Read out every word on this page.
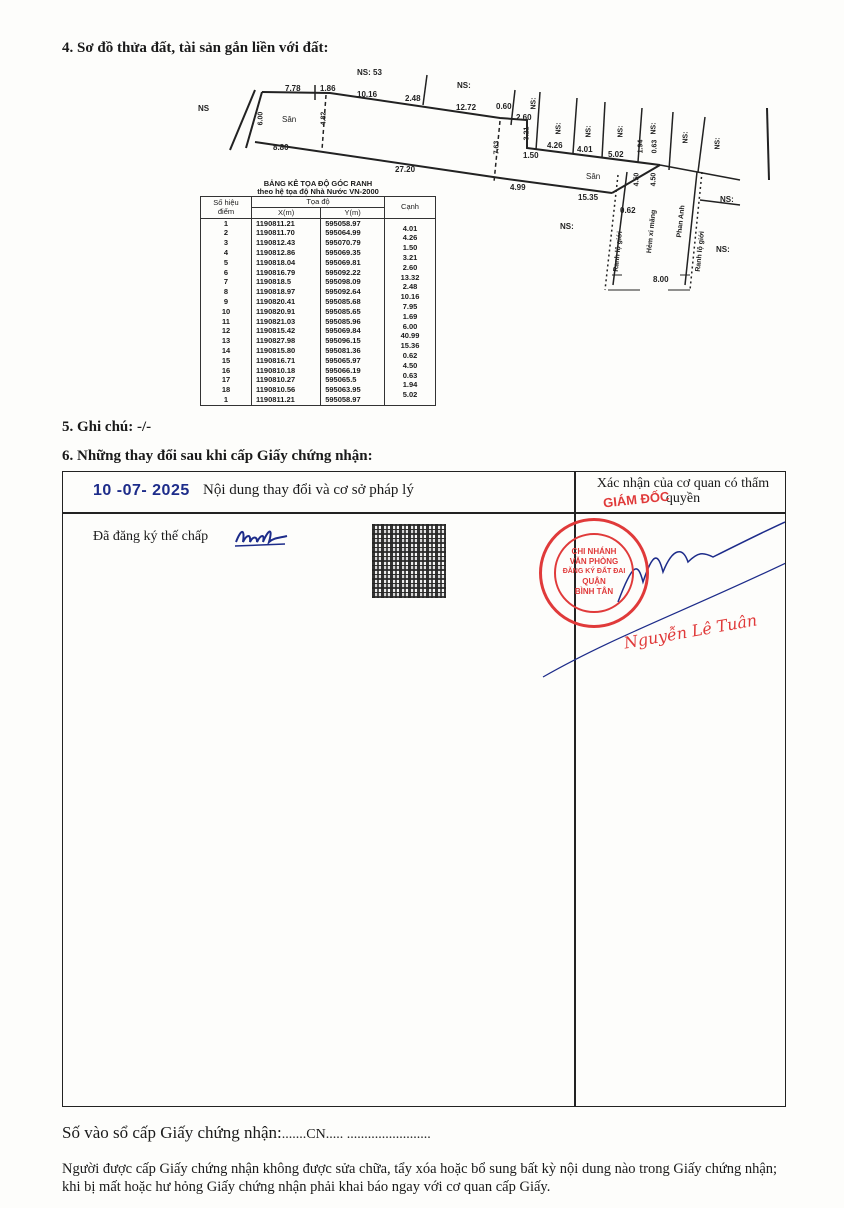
4. Sơ đồ thửa đất, tài sản gắn liền với đất:
NS: 53
NS:
NS
NS:
NS:
NS:
NS:
NS:	NS:	NS:	NS:
NS:	NS:
Sân
Sân
Hẻm xi măng	Phan Anh
Ranh lộ giới	Ranh lộ giới
7.78 1.86
10.16	2.48
12.72 0.60
2.60
6.00	4.82
8.80
27.20
4.99
15.35
0.62
7.63
3.21
1.50
4.26 4.01
5.02
1.94 0.63
4.50 4.50
8.00
BẢNG KÊ TỌA ĐỘ GÓC RANH
theo hệ tọa độ Nhà Nước VN-2000
Số hiệu điểm	Tọa độ		Cạnh
	X(m)	Y(m)	
1	1190811.21	595058.97	4.01
2	1190811.70	595064.99	4.26
3	1190812.43	595070.79	1.50
4	1190812.86	595069.35	3.21
5	1190818.04	595069.81	2.60
6	1190816.79	595092.22	13.32
7	1190818.5	595098.09	2.48
8	1190818.97	595092.64	10.16
9	1190820.41	595085.68	7.95
10	1190820.91	595085.65	1.69
11	1190821.03	595085.96	6.00
12	1190815.42	595069.84	40.99
13	1190827.98	595096.15	15.36
14	1190815.80	595081.36	0.62
15	1190816.71	595065.97	4.50
16	1190810.18	595066.19	0.63
17	1190810.27	595065.5	1.94
18	1190810.56	595063.95	5.02
1	1190811.21	595058.97	
5. Ghi chú: -/-
6. Những thay đổi sau khi cấp Giấy chứng nhận:
10 -07- 2025 Nội dung thay đổi và cơ sở pháp lý	Xác nhận của cơ quan có thẩm quyền
Đã đăng ký thế chấp
GIÁM ĐỐC
CHI NHÁNH
VĂN PHÒNG
ĐĂNG KÝ ĐẤT ĐAI
QUẬN
BÌNH TÂN
Nguyễn Lê Tuân
Số vào sổ cấp Giấy chứng nhận:.......CN..... ........................
Người được cấp Giấy chứng nhận không được sửa chữa, tẩy xóa hoặc bổ sung bất kỳ nội dung nào trong Giấy chứng nhận; khi bị mất hoặc hư hỏng Giấy chứng nhận phải khai báo ngay với cơ quan cấp Giấy.
